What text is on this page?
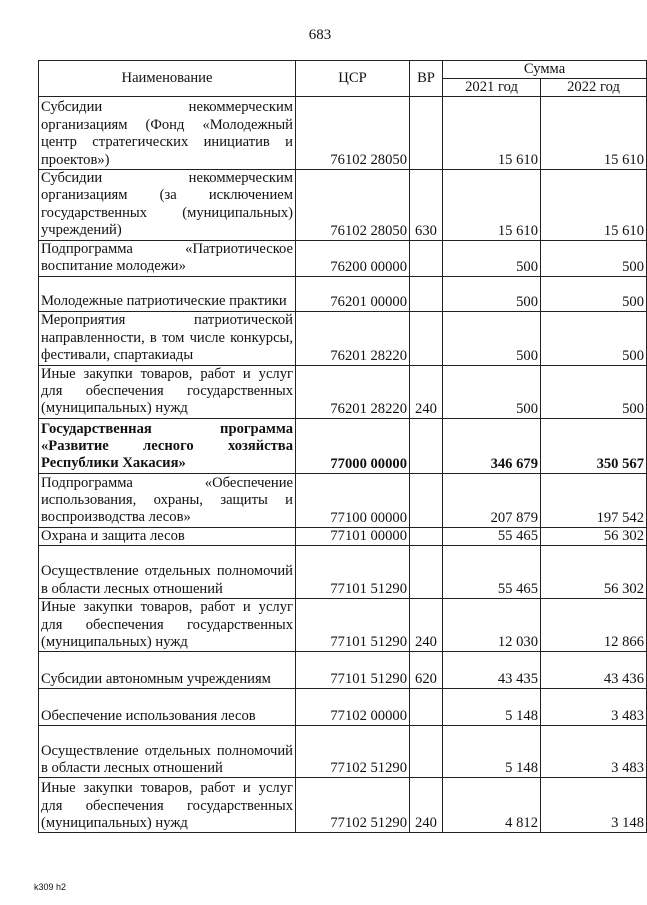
683
Наименование	ЦСР	ВР	Сумма	
			2021 год	2022 год
Субсидии некоммерческим организациям (Фонд «Молодежный центр стратегических инициатив и проектов»)	76102 28050		15 610	15 610
Субсидии некоммерческим организациям (за исключением государственных (муниципальных) учреждений)	76102 28050	630	15 610	15 610
Подпрограмма «Патриотическое воспитание молодежи»	76200 00000		500	500
Молодежные патриотические практики	76201 00000		500	500
Мероприятия патриотической направленности, в том числе конкурсы, фестивали, спартакиады	76201 28220		500	500
Иные закупки товаров, работ и услуг для обеспечения государственных (муниципальных) нужд	76201 28220	240	500	500
Государственная программа «Развитие лесного хозяйства Республики Хакасия»	77000 00000		346 679	350 567
Подпрограмма «Обеспечение использования, охраны, защиты и воспроизводства лесов»	77100 00000		207 879	197 542
Охрана и защита лесов	77101 00000		55 465	56 302
Осуществление отдельных полномочий в области лесных отношений	77101 51290		55 465	56 302
Иные закупки товаров, работ и услуг для обеспечения государственных (муниципальных) нужд	77101 51290	240	12 030	12 866
Субсидии автономным учреждениям	77101 51290	620	43 435	43 436
Обеспечение использования лесов	77102 00000		5 148	3 483
Осуществление отдельных полномочий в области лесных отношений	77102 51290		5 148	3 483
Иные закупки товаров, работ и услуг для обеспечения государственных (муниципальных) нужд	77102 51290	240	4 812	3 148
k309 h2
